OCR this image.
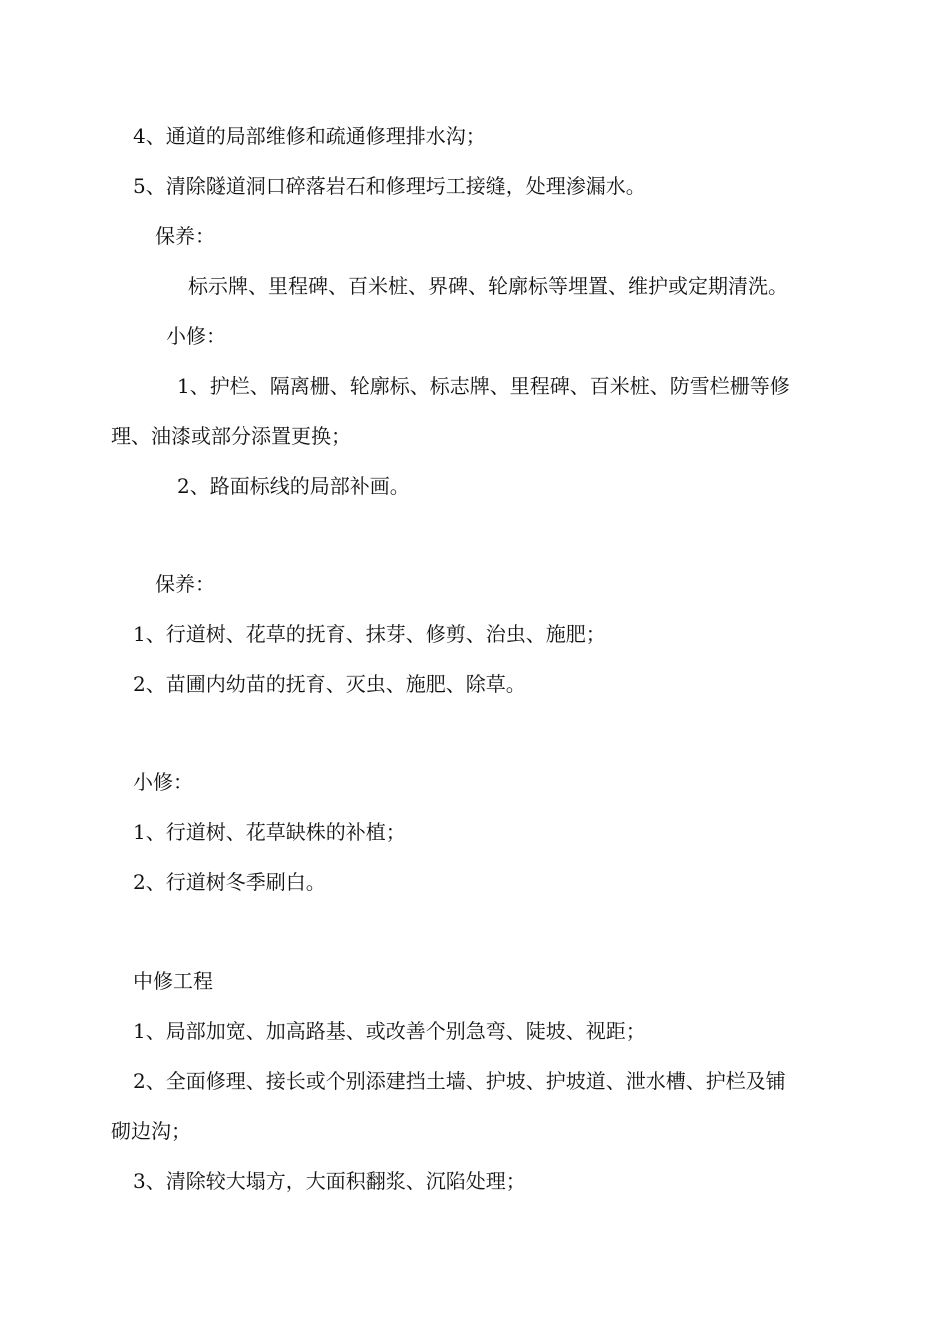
4、通道的局部维修和疏通修理排水沟；

5、清除隧道洞口碎落岩石和修理圬工接缝，处理渗漏水。

保养：

标示牌、里程碑、百米桩、界碑、轮廓标等埋置、维护或定期清洗。

小修：

1、护栏、隔离栅、轮廓标、标志牌、里程碑、百米桩、防雪栏栅等修

理、油漆或部分添置更换；

2、路面标线的局部补画。

保养：

1、行道树、花草的抚育、抹芽、修剪、治虫、施肥；

2、苗圃内幼苗的抚育、灭虫、施肥、除草。

小修：

1、行道树、花草缺株的补植；

2、行道树冬季刷白。

中修工程

1、局部加宽、加高路基、或改善个别急弯、陡坡、视距；

2、全面修理、接长或个别添建挡土墙、护坡、护坡道、泄水槽、护栏及铺

砌边沟；

3、清除较大塌方，大面积翻浆、沉陷处理；
